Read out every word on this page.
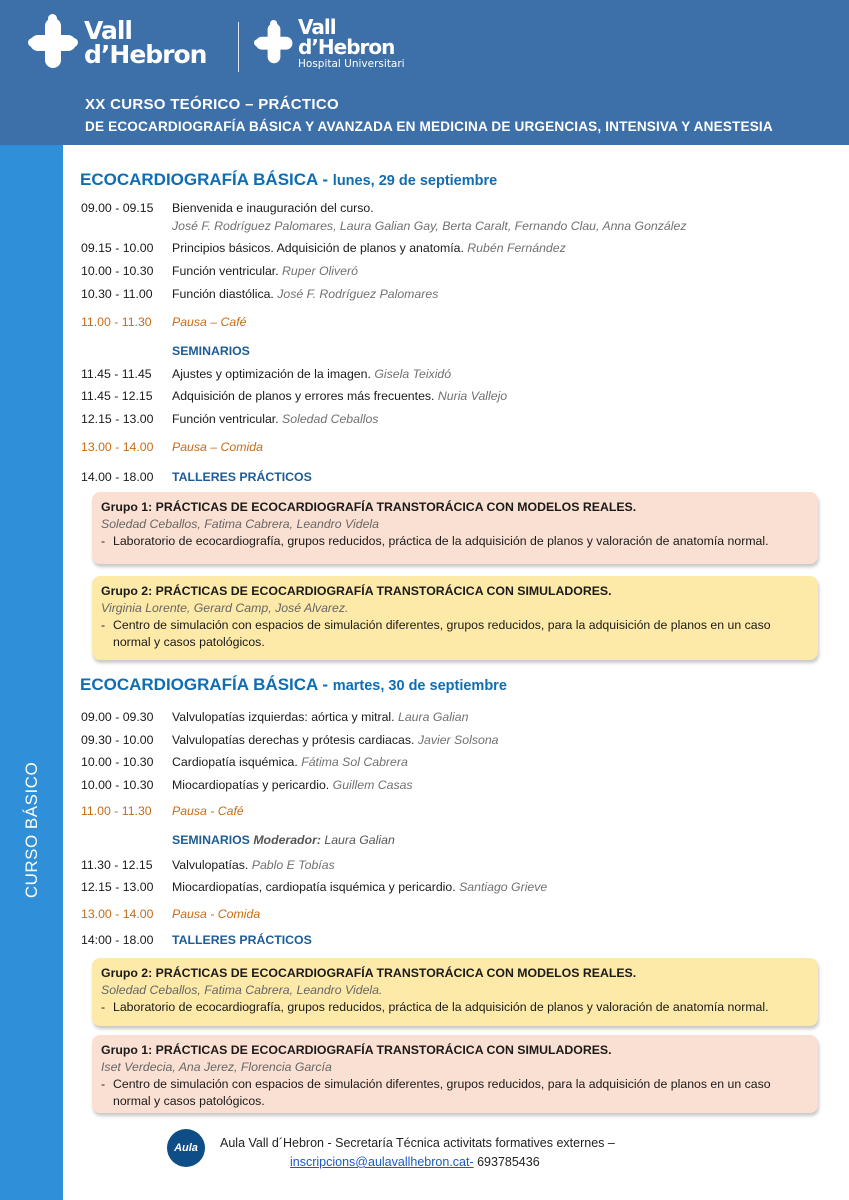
Vall
d’Hebron
Vall
d’Hebron
Hospital Universitari
XX CURSO TEÓRICO – PRÁCTICO
DE ECOCARDIOGRAFÍA BÁSICA Y AVANZADA EN MEDICINA DE URGENCIAS, INTENSIVA Y ANESTESIA
CURSO BÁSICO
ECOCARDIOGRAFÍA BÁSICA - lunes, 29 de septiembre
09.00 - 09.15	Bienvenida e inauguración del curso.
José F. Rodríguez Palomares, Laura Galian Gay, Berta Caralt, Fernando Clau, Anna González
09.15 - 10.00	Principios básicos. Adquisición de planos y anatomía. Rubén Fernández
10.00 - 10.30	Función ventricular. Ruper Oliveró
10.30 - 11.00	Función diastólica. José F. Rodríguez Palomares
11.00 - 11.30	Pausa – Café
SEMINARIOS
11.45 - 11.45	Ajustes y optimización de la imagen. Gisela Teixidó
11.45 - 12.15	Adquisición de planos y errores más frecuentes. Nuria Vallejo
12.15 - 13.00	Función ventricular. Soledad Ceballos
13.00 - 14.00	Pausa – Comida
14.00 - 18.00	TALLERES PRÁCTICOS
Grupo 1: PRÁCTICAS DE ECOCARDIOGRAFÍA TRANSTORÁCICA CON MODELOS REALES.
Soledad Ceballos, Fatima Cabrera, Leandro Videla
- Laboratorio de ecocardiografía, grupos reducidos, práctica de la adquisición de planos y valoración de anatomía normal.
Grupo 2: PRÁCTICAS DE ECOCARDIOGRAFÍA TRANSTORÁCICA CON SIMULADORES.
Virginia Lorente, Gerard Camp, José Alvarez.
- Centro de simulación con espacios de simulación diferentes, grupos reducidos, para la adquisición de planos en un caso normal y casos patológicos.
ECOCARDIOGRAFÍA BÁSICA - martes, 30 de septiembre
09.00 - 09.30	Valvulopatías izquierdas: aórtica y mitral. Laura Galian
09.30 - 10.00	Valvulopatías derechas y prótesis cardiacas. Javier Solsona
10.00 - 10.30	Cardiopatía isquémica. Fátima Sol Cabrera
10.00 - 10.30	Miocardiopatías y pericardio. Guillem Casas
11.00 - 11.30	Pausa - Café
SEMINARIOS Moderador: Laura Galian
11.30 - 12.15	Valvulopatías. Pablo E Tobías
12.15 - 13.00	Miocardiopatías, cardiopatía isquémica y pericardio. Santiago Grieve
13.00 - 14.00	Pausa - Comida
14:00 - 18.00	TALLERES PRÁCTICOS
Grupo 2: PRÁCTICAS DE ECOCARDIOGRAFÍA TRANSTORÁCICA CON MODELOS REALES.
Soledad Ceballos, Fatima Cabrera, Leandro Videla.
- Laboratorio de ecocardiografía, grupos reducidos, práctica de la adquisición de planos y valoración de anatomía normal.
Grupo 1: PRÁCTICAS DE ECOCARDIOGRAFÍA TRANSTORÁCICA CON SIMULADORES.
Iset Verdecia, Ana Jerez, Florencia García
- Centro de simulación con espacios de simulación diferentes, grupos reducidos, para la adquisición de planos en un caso normal y casos patológicos.
Aula	Aula Vall d´Hebron - Secretaría Técnica activitats formatives externes –
inscripcions@aulavallhebron.cat- 693785436
